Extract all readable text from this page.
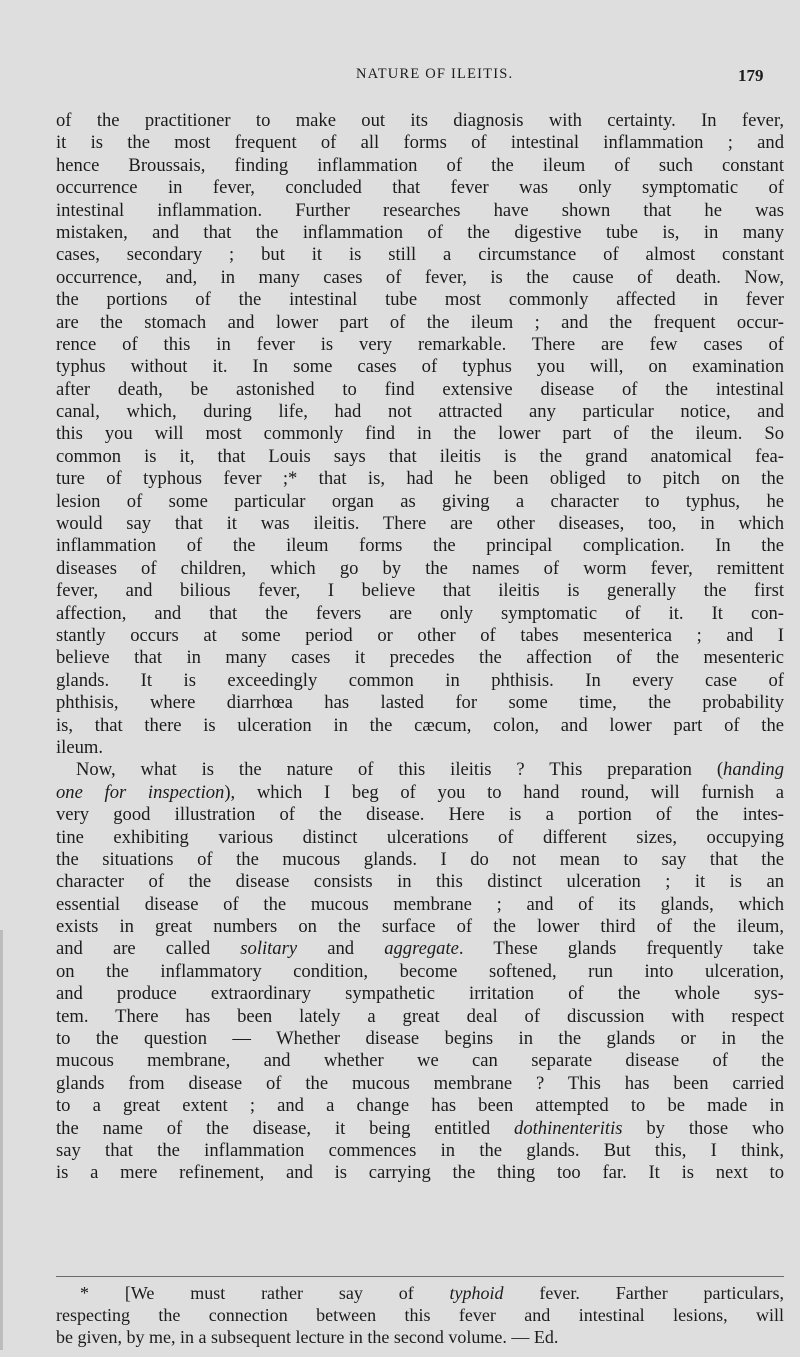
NATURE OF ILEITIS.	179
of the practitioner to make out its diagnosis with certainty. In fever,
it is the most frequent of all forms of intestinal inflammation ; and
hence Broussais, finding inflammation of the ileum of such constant
occurrence in fever, concluded that fever was only symptomatic of
intestinal inflammation. Further researches have shown that he was
mistaken, and that the inflammation of the digestive tube is, in many
cases, secondary ; but it is still a circumstance of almost constant
occurrence, and, in many cases of fever, is the cause of death. Now,
the portions of the intestinal tube most commonly affected in fever
are the stomach and lower part of the ileum ; and the frequent occur-
rence of this in fever is very remarkable. There are few cases of
typhus without it. In some cases of typhus you will, on examination
after death, be astonished to find extensive disease of the intestinal
canal, which, during life, had not attracted any particular notice, and
this you will most commonly find in the lower part of the ileum. So
common is it, that Louis says that ileitis is the grand anatomical fea-
ture of typhous fever ;* that is, had he been obliged to pitch on the
lesion of some particular organ as giving a character to typhus, he
would say that it was ileitis. There are other diseases, too, in which
inflammation of the ileum forms the principal complication. In the
diseases of children, which go by the names of worm fever, remittent
fever, and bilious fever, I believe that ileitis is generally the first
affection, and that the fevers are only symptomatic of it. It con-
stantly occurs at some period or other of tabes mesenterica ; and I
believe that in many cases it precedes the affection of the mesenteric
glands. It is exceedingly common in phthisis. In every case of
phthisis, where diarrhœa has lasted for some time, the probability
is, that there is ulceration in the cæcum, colon, and lower part of the
ileum.
Now, what is the nature of this ileitis ? This preparation (handing
one for inspection), which I beg of you to hand round, will furnish a
very good illustration of the disease. Here is a portion of the intes-
tine exhibiting various distinct ulcerations of different sizes, occupying
the situations of the mucous glands. I do not mean to say that the
character of the disease consists in this distinct ulceration ; it is an
essential disease of the mucous membrane ; and of its glands, which
exists in great numbers on the surface of the lower third of the ileum,
and are called solitary and aggregate. These glands frequently take
on the inflammatory condition, become softened, run into ulceration,
and produce extraordinary sympathetic irritation of the whole sys-
tem. There has been lately a great deal of discussion with respect
to the question — Whether disease begins in the glands or in the
mucous membrane, and whether we can separate disease of the
glands from disease of the mucous membrane ? This has been carried
to a great extent ; and a change has been attempted to be made in
the name of the disease, it being entitled dothinenteritis by those who
say that the inflammation commences in the glands. But this, I think,
is a mere refinement, and is carrying the thing too far. It is next to
* [We must rather say of typhoid fever. Farther particulars,
respecting the connection between this fever and intestinal lesions, will
be given, by me, in a subsequent lecture in the second volume. — Ed.
